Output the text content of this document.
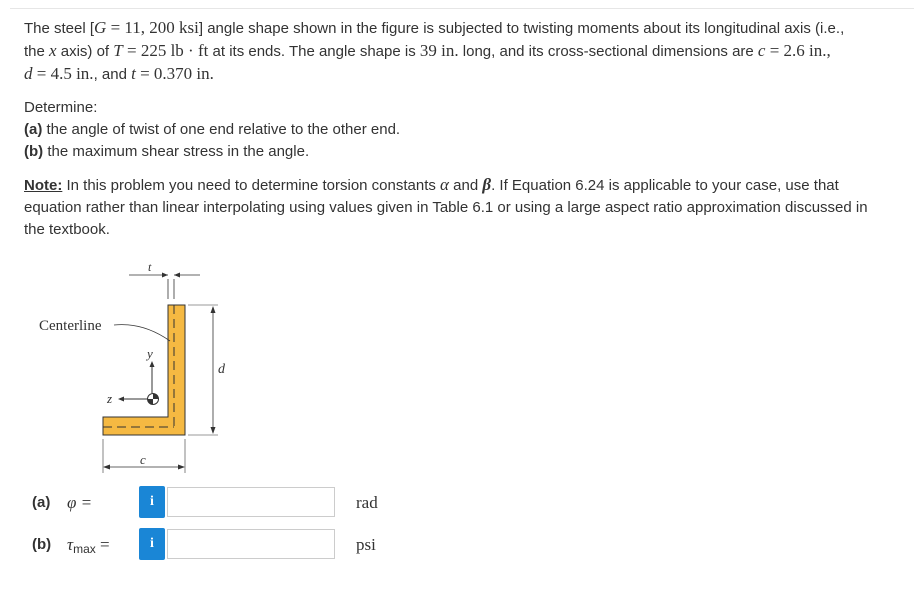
The steel [G = 11, 200 ksi] angle shape shown in the figure is subjected to twisting moments about its longitudinal axis (i.e.,
the x axis) of T = 225 lb · ft at its ends. The angle shape is 39 in. long, and its cross-sectional dimensions are c = 2.6 in.,
d = 4.5 in., and t = 0.370 in.
Determine:
(a) the angle of twist of one end relative to the other end.
(b) the maximum shear stress in the angle.
Note: In this problem you need to determine torsion constants α and β. If Equation 6.24 is applicable to your case, use that
equation rather than linear interpolating using values given in Table 6.1 or using a large aspect ratio approximation discussed in
the textbook.
t
Centerline
d
y
z
c
(a) φ =	i	rad
(b) $\tau_{max}$ =	i	psi
